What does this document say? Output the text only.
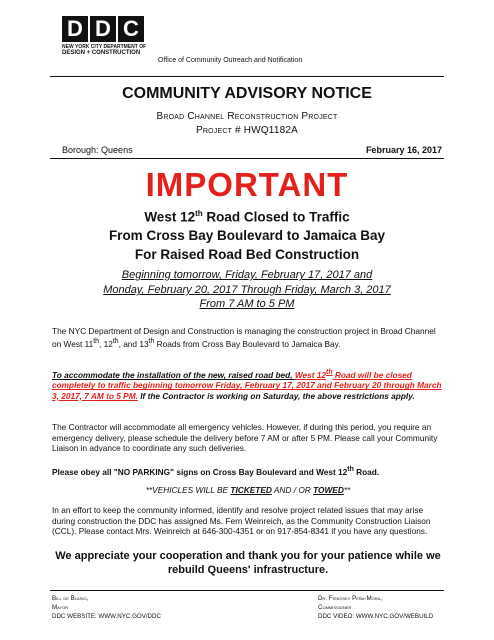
D D C
NEW YORK CITY DEPARTMENT OF
DESIGN + CONSTRUCTION
Office of Community Outreach and Notification
COMMUNITY ADVISORY NOTICE
Broad Channel Reconstruction Project
Project # HWQ1182A
Borough: Queens	February 16, 2017
IMPORTANT
West 12th Road Closed to Traffic
From Cross Bay Boulevard to Jamaica Bay
For Raised Road Bed Construction
Beginning tomorrow, Friday, February 17, 2017 and
Monday, February 20, 2017 Through Friday, March 3, 2017
From 7 AM to 5 PM
The NYC Department of Design and Construction is managing the construction project in Broad Channel on West 11th, 12th, and 13th Roads from Cross Bay Boulevard to Jamaica Bay.
To accommodate the installation of the new, raised road bed, West 12th Road will be closed completely to traffic beginning tomorrow Friday, February 17, 2017 and February 20 through March 3, 2017, 7 AM to 5 PM. If the Contractor is working on Saturday, the above restrictions apply.
The Contractor will accommodate all emergency vehicles. However, if during this period, you require an emergency delivery, please schedule the delivery before 7 AM or after 5 PM. Please call your Community Liaison in advance to coordinate any such deliveries.
Please obey all "NO PARKING" signs on Cross Bay Boulevard and West 12th Road.
**VEHICLES WILL BE TICKETED AND / OR TOWED**
In an effort to keep the community informed, identify and resolve project related issues that may arise during construction the DDC has assigned Ms. Fern Weinreich, as the Community Construction Liaison (CCL). Please contact Mrs. Weinreich at 646-300-4351 or on 917-854-8341 if you have any questions.
We appreciate your cooperation and thank you for your patience while we
rebuild Queens' infrastructure.
Bill de Blasio,
Mayor
DDC WEBSITE: WWW.NYC.GOV/DDC
Dr. Feniosky Peña-Mora,
Commissioner
DDC VIDEO: WWW.NYC.GOV/WEBUILD
